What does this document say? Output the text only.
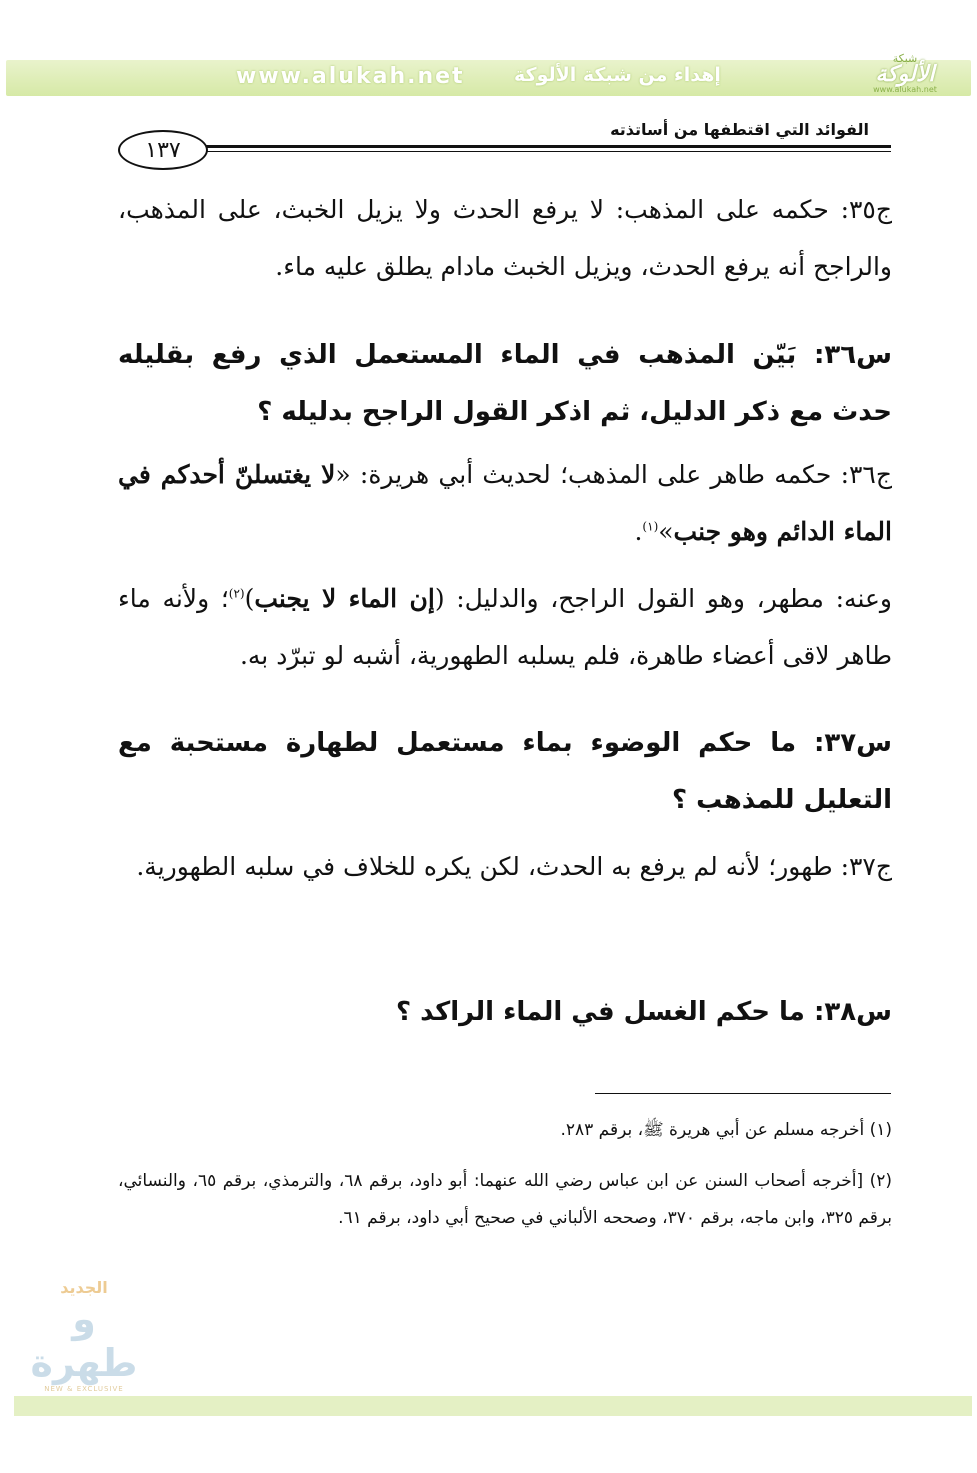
www.alukah.net	إهداء من شبكة الألوكة
شبكة
الألوكة
www.alukah.net
الفوائد التي اقتطفها من أساتذته
١٣٧
ج٣٥: حكمه على المذهب: لا يرفع الحدث ولا يزيل الخبث، على المذهب، والراجح أنه يرفع الحدث، ويزيل الخبث مادام يطلق عليه ماء.
س٣٦: بَيّن المذهب في الماء المستعمل الذي رفع بقليله حدث مع ذكر الدليل، ثم اذكر القول الراجح بدليله ؟
ج٣٦: حكمه طاهر على المذهب؛ لحديث أبي هريرة: «لا يغتسلنّ أحدكم في الماء الدائم وهو جنب»$^{(١)}$.
وعنه: مطهر، وهو القول الراجح، والدليل: (إن الماء لا يجنب)$^{(٢)}$؛ ولأنه ماء طاهر لاقى أعضاء طاهرة، فلم يسلبه الطهورية، أشبه لو تبرّد به.
س٣٧: ما حكم الوضوء بماء مستعمل لطهارة مستحبة مع التعليل للمذهب ؟
ج٣٧: طهور؛ لأنه لم يرفع به الحدث، لكن يكره للخلاف في سلبه الطهورية.
س٣٨: ما حكم الغسل في الماء الراكد ؟
(١) أخرجه مسلم عن أبي هريرة ﷺ، برقم ٢٨٣.
(٢) [أخرجه أصحاب السنن عن ابن عباس رضي الله عنهما: أبو داود، برقم ٦٨، والترمذي، برقم ٦٥، والنسائي، برقم ٣٢٥، وابن ماجه، برقم ٣٧٠، وصححه الألباني في صحيح أبي داود، برقم ٦١.
الجديد
و طهرة
NEW & EXCLUSIVE
